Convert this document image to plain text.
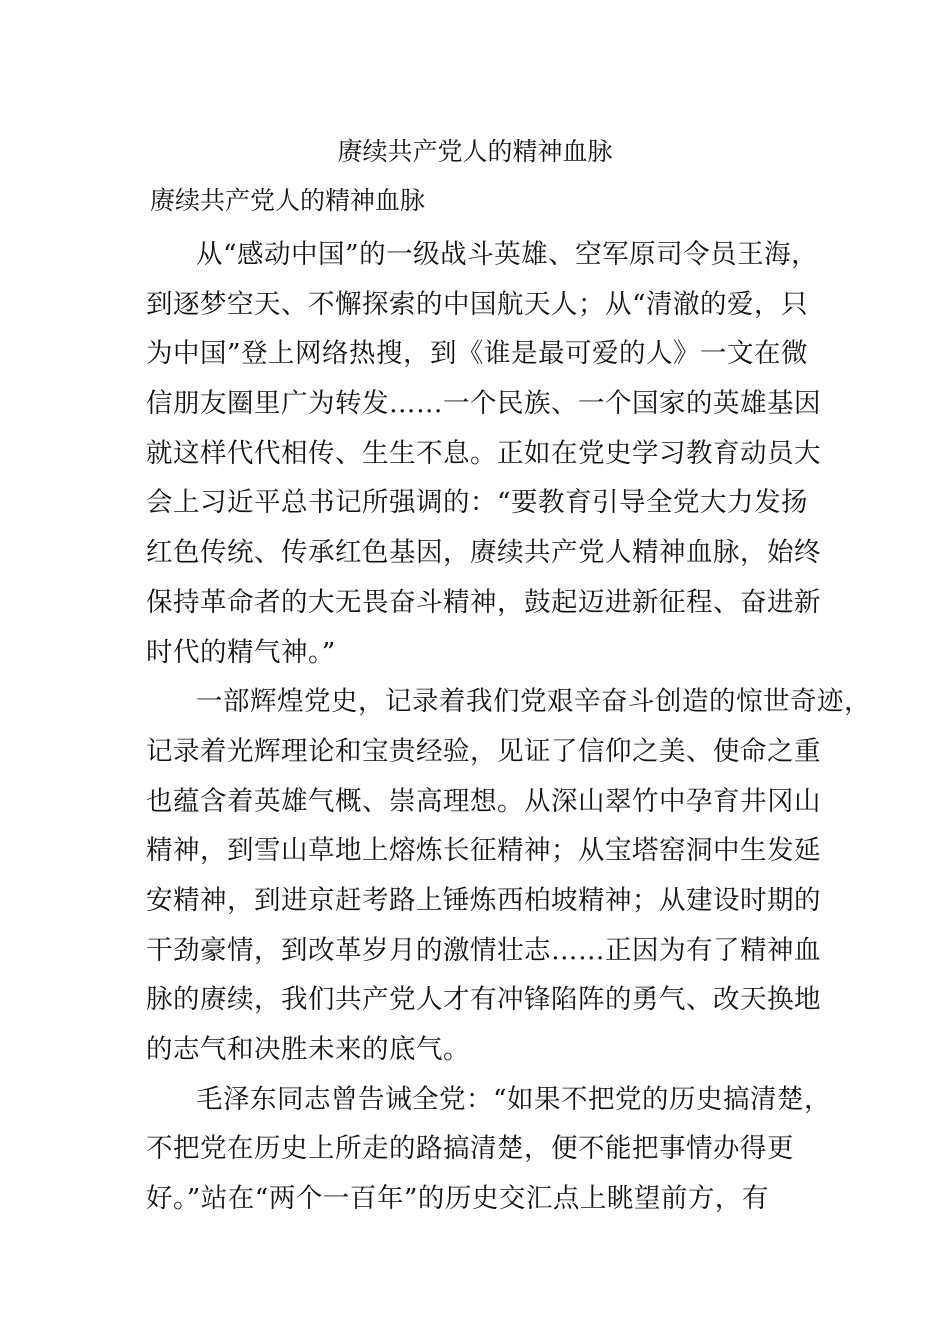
赓续共产党人的精神血脉
赓续共产党人的精神血脉
从“感动中国”的一级战斗英雄、空军原司令员王海，
到逐梦空天、不懈探索的中国航天人；从“清澈的爱，只
为中国”登上网络热搜，到《谁是最可爱的人》一文在微
信朋友圈里广为转发……一个民族、一个国家的英雄基因
就这样代代相传、生生不息。正如在党史学习教育动员大
会上习近平总书记所强调的：“要教育引导全党大力发扬
红色传统、传承红色基因，赓续共产党人精神血脉，始终
保持革命者的大无畏奋斗精神，鼓起迈进新征程、奋进新
时代的精气神。”
一部辉煌党史，记录着我们党艰辛奋斗创造的惊世奇迹，
记录着光辉理论和宝贵经验，见证了信仰之美、使命之重
也蕴含着英雄气概、崇高理想。从深山翠竹中孕育井冈山
精神，到雪山草地上熔炼长征精神；从宝塔窑洞中生发延
安精神，到进京赶考路上锤炼西柏坡精神；从建设时期的
干劲豪情，到改革岁月的激情壮志……正因为有了精神血
脉的赓续，我们共产党人才有冲锋陷阵的勇气、改天换地
的志气和决胜未来的底气。
毛泽东同志曾告诫全党：“如果不把党的历史搞清楚，
不把党在历史上所走的路搞清楚，便不能把事情办得更
好。”站在“两个一百年”的历史交汇点上眺望前方，有
